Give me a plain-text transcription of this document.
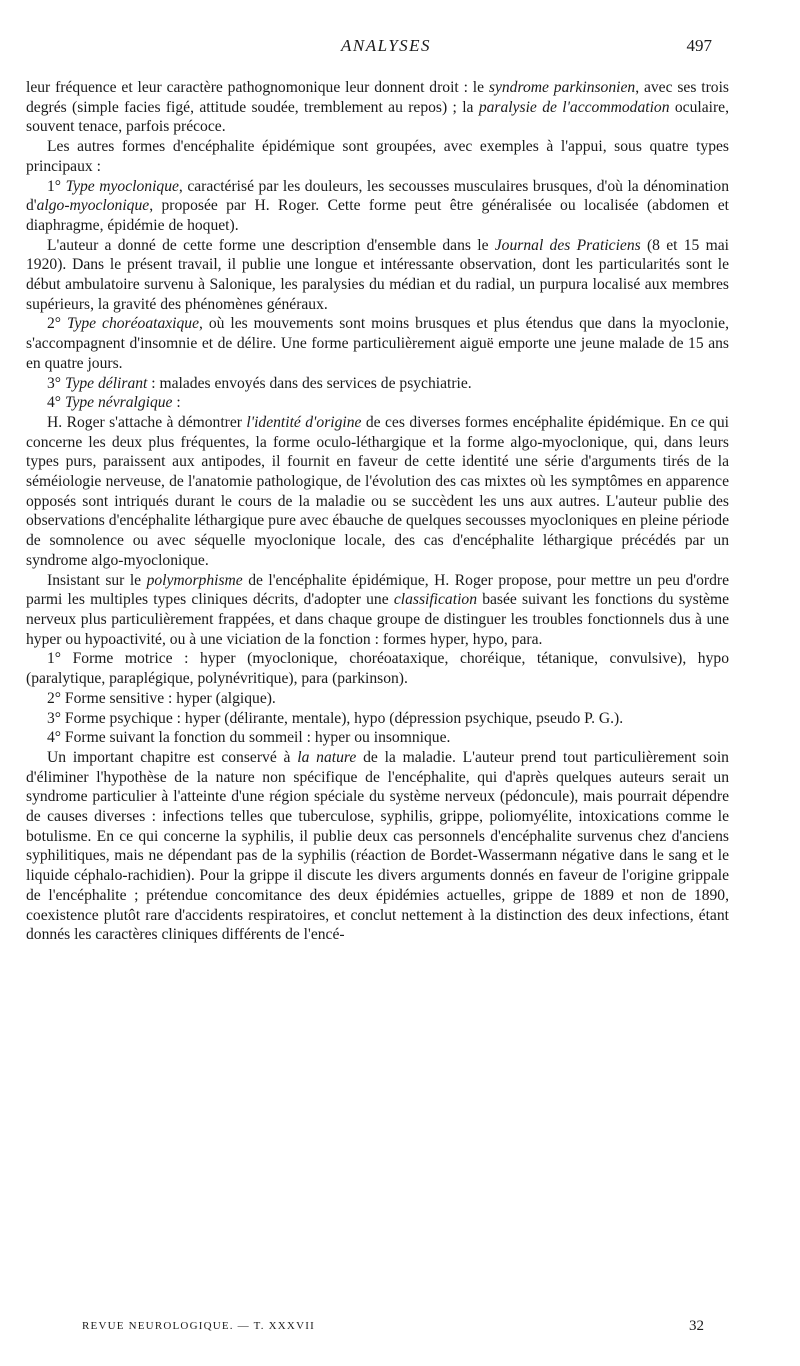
ANALYSES	497

leur fréquence et leur caractère pathognomonique leur donnent droit : le syndrome parkinsonien, avec ses trois degrés (simple facies figé, attitude soudée, tremblement au repos) ; la paralysie de l'accommodation oculaire, souvent tenace, parfois précoce.

Les autres formes d'encéphalite épidémique sont groupées, avec exemples à l'appui, sous quatre types principaux :

1° Type myoclonique, caractérisé par les douleurs, les secousses musculaires brusques, d'où la dénomination d'algo-myoclonique, proposée par H. Roger. Cette forme peut être généralisée ou localisée (abdomen et diaphragme, épidémie de hoquet).

L'auteur a donné de cette forme une description d'ensemble dans le Journal des Praticiens (8 et 15 mai 1920). Dans le présent travail, il publie une longue et intéressante observation, dont les particularités sont le début ambulatoire survenu à Salonique, les paralysies du médian et du radial, un purpura localisé aux membres supérieurs, la gravité des phénomènes généraux.

2° Type choréoataxique, où les mouvements sont moins brusques et plus étendus que dans la myoclonie, s'accompagnent d'insomnie et de délire. Une forme particulièrement aiguë emporte une jeune malade de 15 ans en quatre jours.

3° Type délirant : malades envoyés dans des services de psychiatrie.

4° Type névralgique :

H. Roger s'attache à démontrer l'identité d'origine de ces diverses formes encéphalite épidémique. En ce qui concerne les deux plus fréquentes, la forme oculo-léthargique et la forme algo-myoclonique, qui, dans leurs types purs, paraissent aux antipodes, il fournit en faveur de cette identité une série d'arguments tirés de la séméiologie nerveuse, de l'anatomie pathologique, de l'évolution des cas mixtes où les symptômes en apparence opposés sont intriqués durant le cours de la maladie ou se succèdent les uns aux autres. L'auteur publie des observations d'encéphalite léthargique pure avec ébauche de quelques secousses myocloniques en pleine période de somnolence ou avec séquelle myoclonique locale, des cas d'encéphalite léthargique précédés par un syndrome algo-myoclonique.

Insistant sur le polymorphisme de l'encéphalite épidémique, H. Roger propose, pour mettre un peu d'ordre parmi les multiples types cliniques décrits, d'adopter une classification basée suivant les fonctions du système nerveux plus particulièrement frappées, et dans chaque groupe de distinguer les troubles fonctionnels dus à une hyper ou hypoactivité, ou à une viciation de la fonction : formes hyper, hypo, para.

1° Forme motrice : hyper (myoclonique, choréoataxique, choréique, tétanique, convulsive), hypo (paralytique, paraplégique, polynévritique), para (parkinson).

2° Forme sensitive : hyper (algique).

3° Forme psychique : hyper (délirante, mentale), hypo (dépression psychique, pseudo P. G.).

4° Forme suivant la fonction du sommeil : hyper ou insomnique.

Un important chapitre est conservé à la nature de la maladie. L'auteur prend tout particulièrement soin d'éliminer l'hypothèse de la nature non spécifique de l'encéphalite, qui d'après quelques auteurs serait un syndrome particulier à l'atteinte d'une région spéciale du système nerveux (pédoncule), mais pourrait dépendre de causes diverses : infections telles que tuberculose, syphilis, grippe, poliomyélite, intoxications comme le botulisme. En ce qui concerne la syphilis, il publie deux cas personnels d'encéphalite survenus chez d'anciens syphilitiques, mais ne dépendant pas de la syphilis (réaction de Bordet-Wassermann négative dans le sang et le liquide céphalo-rachidien). Pour la grippe il discute les divers arguments donnés en faveur de l'origine grippale de l'encéphalite ; prétendue concomitance des deux épidémies actuelles, grippe de 1889 et non de 1890, coexistence plutôt rare d'accidents respiratoires, et conclut nettement à la distinction des deux infections, étant donnés les caractères cliniques différents de l'encé-

REVUE NEUROLOGIQUE. — T. XXXVII	32
